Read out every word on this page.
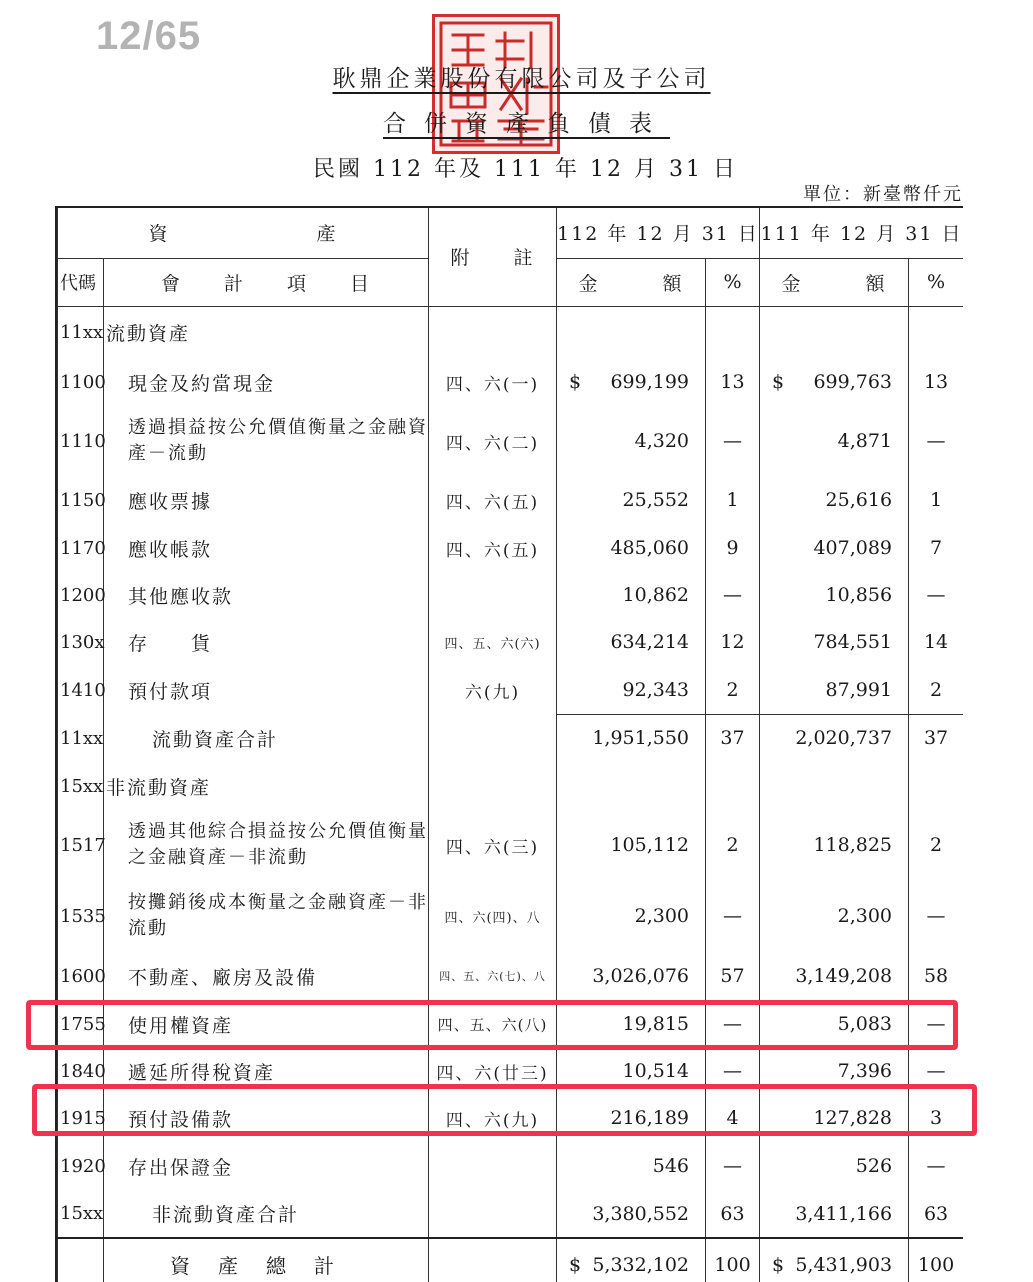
12/65
耿鼎企業股份有限公司及子公司
合併資產負債表
民國 112 年及 111 年 12 月 31 日
單位：新臺幣仟元
資　　　　　　　產		附　　註	112 年 12 月 31 日		111 年 12 月 31 日	
代碼	會　　計　　項　　目		金　　　額	%	金　　　額	%
11xx	流動資產					
1100	現金及約當現金	四、六(一)	$ 699,199	13	$ 699,763	13
1110	透過損益按公允價值衡量之金融資產－流動	四、六(二)	4,320	—	4,871	—
1150	應收票據	四、六(五)	25,552	1	25,616	1
1170	應收帳款	四、六(五)	485,060	9	407,089	7
1200	其他應收款		10,862	—	10,856	—
130x	存　　貨	四、五、六(六)	634,214	12	784,551	14
1410	預付款項	六(九)	92,343	2	87,991	2
11xx	流動資產合計		1,951,550	37	2,020,737	37
15xx	非流動資產					
1517	透過其他綜合損益按公允價值衡量之金融資產－非流動	四、六(三)	105,112	2	118,825	2
1535	按攤銷後成本衡量之金融資產－非流動	四、六(四)、八	2,300	—	2,300	—
1600	不動產、廠房及設備	四、五、六(七)、八	3,026,076	57	3,149,208	58
1755	使用權資產	四、五、六(八)	19,815	—	5,083	—
1840	遞延所得稅資產	四、六(廿三)	10,514	—	7,396	—
1915	預付設備款	四、六(九)	216,189	4	127,828	3
1920	存出保證金		546	—	526	—
15xx	非流動資產合計		3,380,552	63	3,411,166	63
	資產總計		$ 5,332,102	100	$ 5,431,903	100
